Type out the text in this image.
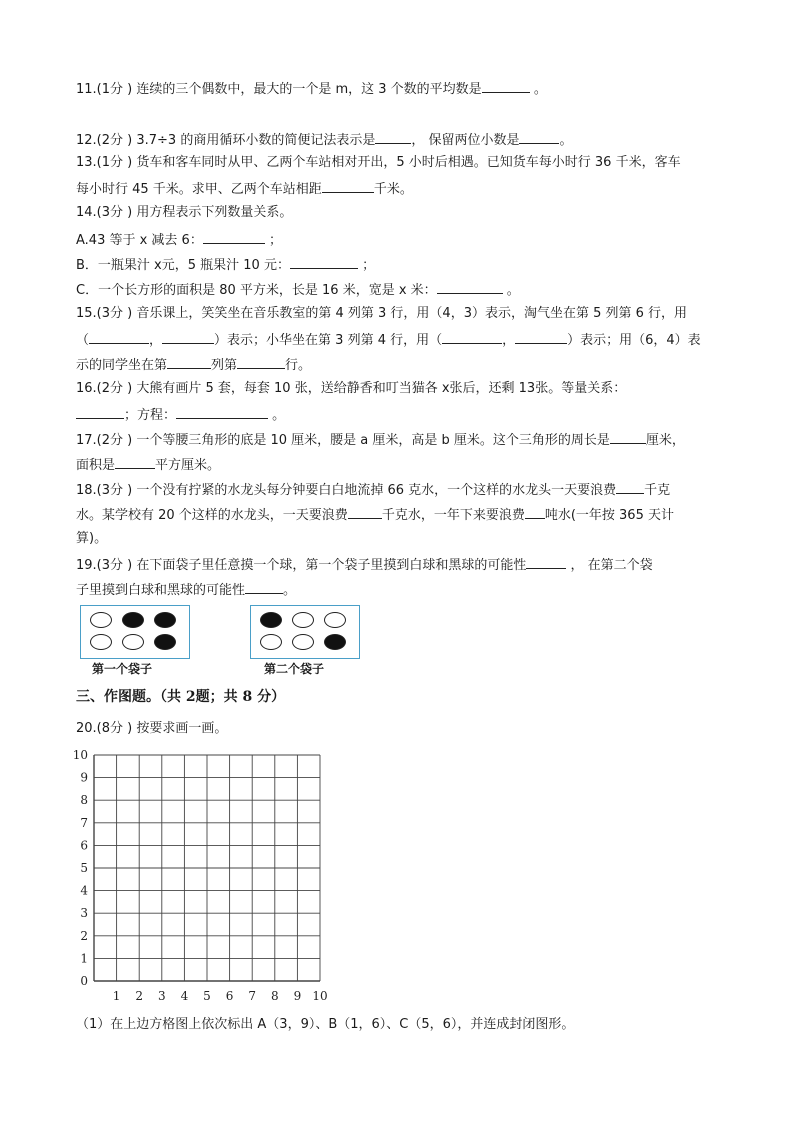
11.(1分 ) 连续的三个偶数中，最大的一个是 m，这 3 个数的平均数是	。
12.(2分 ) 3.7÷3 的商用循环小数的简便记法表示是	， 保留两位小数是	。
13.(1分 ) 货车和客车同时从甲、乙两个车站相对开出，5 小时后相遇。已知货车每小时行 36 千米，客车
每小时行 45 千米。求甲、乙两个车站相距	千米。
14.(3分 ) 用方程表示下列数量关系。
A.43 等于 x 减去 6：	；
B．一瓶果汁 x元，5 瓶果汁 10 元：	；
C．一个长方形的面积是 80 平方米，长是 16 米，宽是 x 米：	。
15.(3分 ) 音乐课上，笑笑坐在音乐教室的第 4 列第 3 行，用（4，3）表示，淘气坐在第 5 列第 6 行，用
（	，	）表示；小华坐在第 3 列第 4 行，用（	，	）表示；用（6，4）表
示的同学坐在第	列第	行。
16.(2分 ) 大熊有画片 5 套，每套 10 张，送给静香和叮当猫各 x张后，还剩 13张。等量关系：
；方程：	。
17.(2分 ) 一个等腰三角形的底是 10 厘米，腰是 a 厘米，高是 b 厘米。这个三角形的周长是	厘米，
面积是	平方厘米。
18.(3分 ) 一个没有拧紧的水龙头每分钟要白白地流掉 66 克水，一个这样的水龙头一天要浪费 千克
水。某学校有 20 个这样的水龙头，一天要浪费	千克水，一年下来要浪费 吨水(一年按 365 天计
算)。
19.(3分 ) 在下面袋子里任意摸一个球，第一个袋子里摸到白球和黑球的可能性	， 在第二个袋
子里摸到白球和黑球的可能性	。
第一个袋子	第二个袋子
三、作图题。（共 2题；共 8 分）
20.(8分 ) 按要求画一画。
1 2 3 4 5 6 7 8 9 10
0
1
2
3
4
5
6
7
8
9
10
（1）在上边方格图上依次标出 A（3，9）、B（1，6）、C（5，6），并连成封闭图形。
